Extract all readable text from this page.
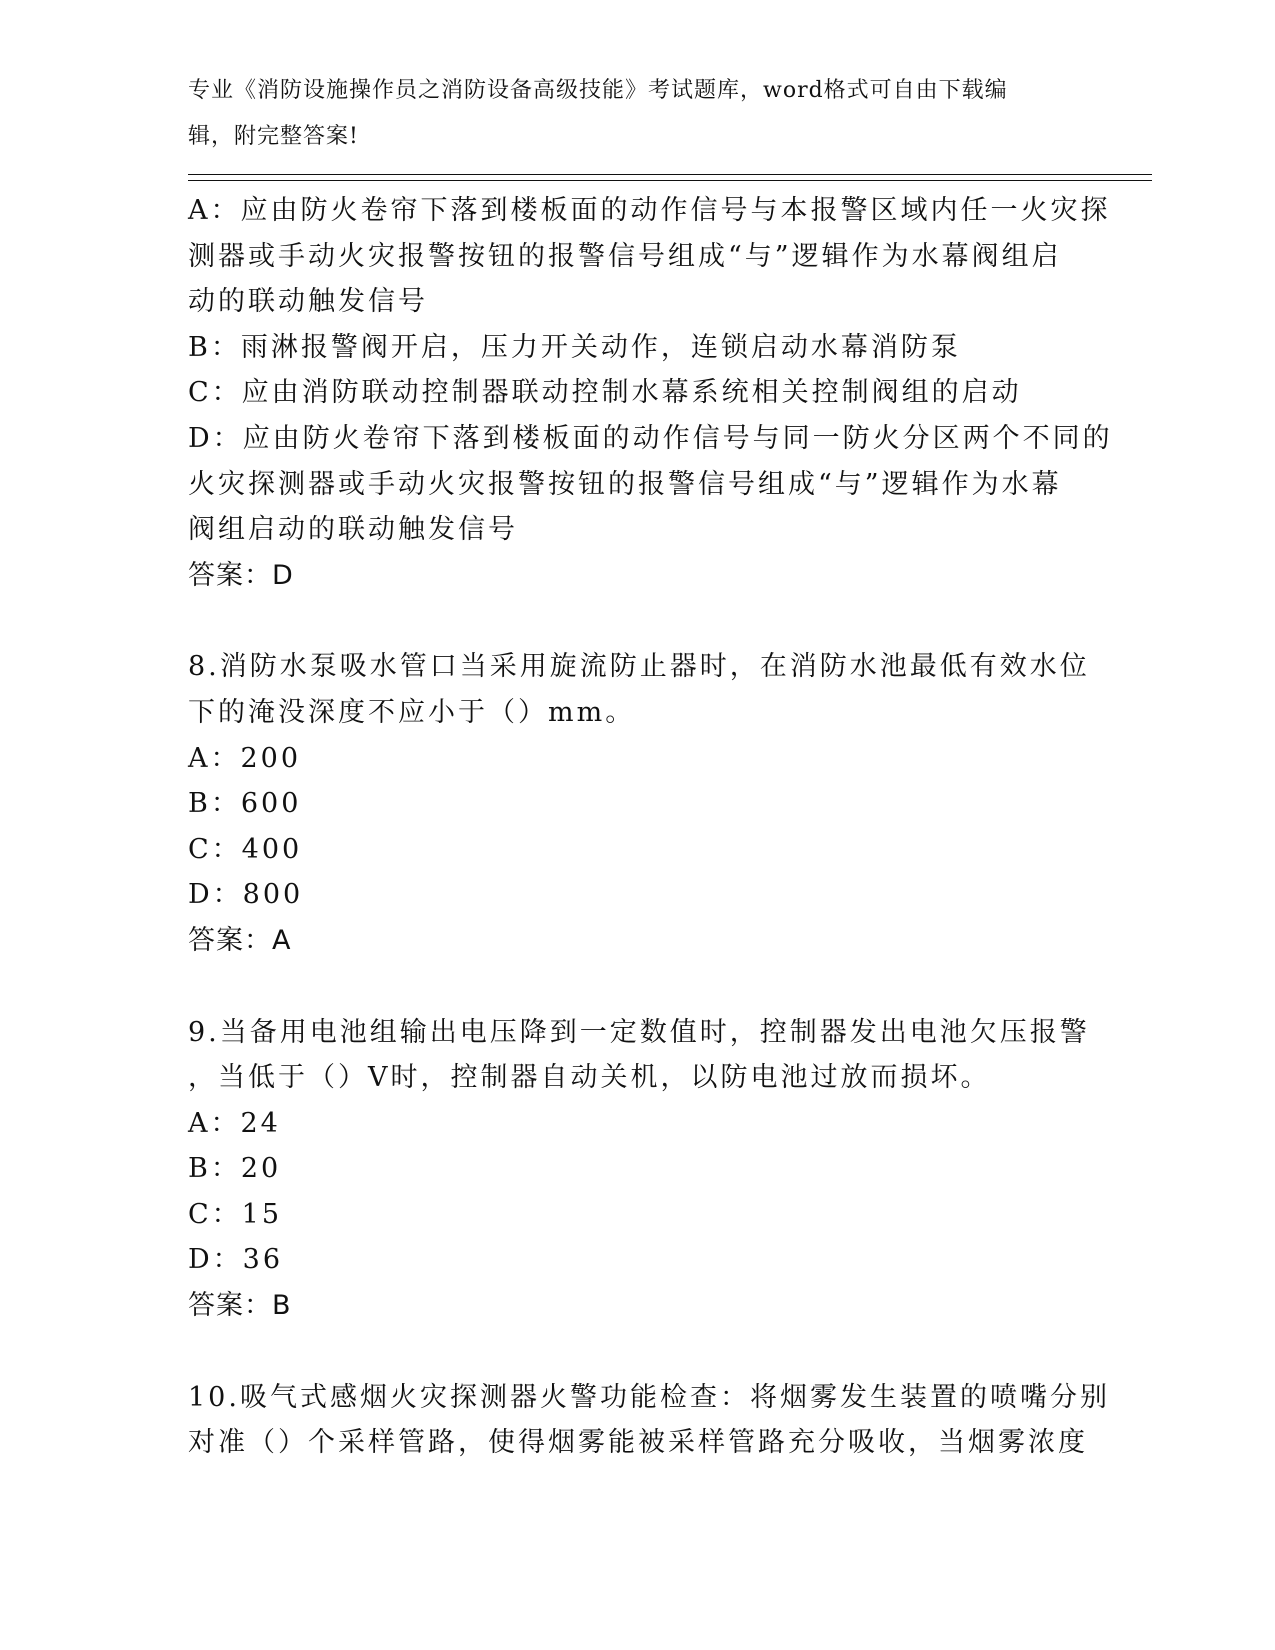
专业《消防设施操作员之消防设备高级技能》考试题库，word格式可自由下载编
辑，附完整答案!
A：应由防火卷帘下落到楼板面的动作信号与本报警区域内任一火灾探
测器或手动火灾报警按钮的报警信号组成“与”逻辑作为水幕阀组启
动的联动触发信号
B：雨淋报警阀开启，压力开关动作，连锁启动水幕消防泵
C：应由消防联动控制器联动控制水幕系统相关控制阀组的启动
D：应由防火卷帘下落到楼板面的动作信号与同一防火分区两个不同的
火灾探测器或手动火灾报警按钮的报警信号组成“与”逻辑作为水幕
阀组启动的联动触发信号
答案：D
8.消防水泵吸水管口当采用旋流防止器时，在消防水池最低有效水位
下的淹没深度不应小于（）mm。
A：200
B：600
C：400
D：800
答案：A
9.当备用电池组输出电压降到一定数值时，控制器发出电池欠压报警
，当低于（）V时，控制器自动关机，以防电池过放而损坏。
A：24
B：20
C：15
D：36
答案：B
10.吸气式感烟火灾探测器火警功能检查：将烟雾发生装置的喷嘴分别
对准（）个采样管路，使得烟雾能被采样管路充分吸收，当烟雾浓度
